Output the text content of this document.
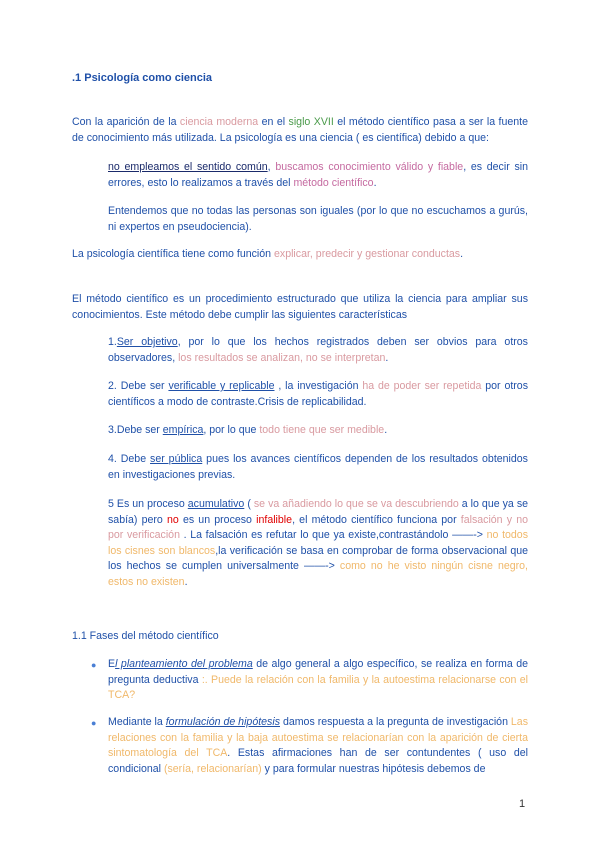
.1 Psicología como ciencia
Con la aparición de la ciencia moderna en el siglo XVII el método científico pasa a ser la fuente de conocimiento más utilizada. La psicología es una ciencia ( es científica) debido a que:
no empleamos el sentido común, buscamos conocimiento válido y fiable, es decir sin errores, esto lo realizamos a través del método científico.
Entendemos que no todas las personas son iguales (por lo que no escuchamos a gurús, ni expertos en pseudociencia).
La psicología científica tiene como función explicar, predecir y gestionar conductas.
El método científico es un procedimiento estructurado que utiliza la ciencia para ampliar sus conocimientos. Este método debe cumplir las siguientes características
1.Ser objetivo, por lo que los hechos registrados deben ser obvios para otros observadores, los resultados se analizan, no se interpretan.
2. Debe ser verificable y replicable , la investigación ha de poder ser repetida por otros científicos a modo de contraste.Crisis de replicabilidad.
3.Debe ser empírica, por lo que todo tiene que ser medible.
4. Debe ser pública pues los avances científicos dependen de los resultados obtenidos en investigaciones previas.
5 Es un proceso acumulativo ( se va añadiendo lo que se va descubriendo a lo que ya se sabía) pero no es un proceso infalible, el método científico funciona por falsación y no por verificación . La falsación es refutar lo que ya existe,contrastándolo ——-> no todos los cisnes son blancos,la verificación se basa en comprobar de forma observacional que los hechos se cumplen universalmente ——-> como no he visto ningún cisne negro, estos no existen.
1.1 Fases del método científico
● El planteamiento del problema de algo general a algo específico, se realiza en forma de pregunta deductiva :. Puede la relación con la familia y la autoestima relacionarse con el TCA?
● Mediante la formulación de hipótesis damos respuesta a la pregunta de investigación Las relaciones con la familia y la baja autoestima se relacionarían con la aparición de cierta sintomatología del TCA. Estas afirmaciones han de ser contundentes ( uso del condicional (sería, relacionarían) y para formular nuestras hipótesis debemos de
1
